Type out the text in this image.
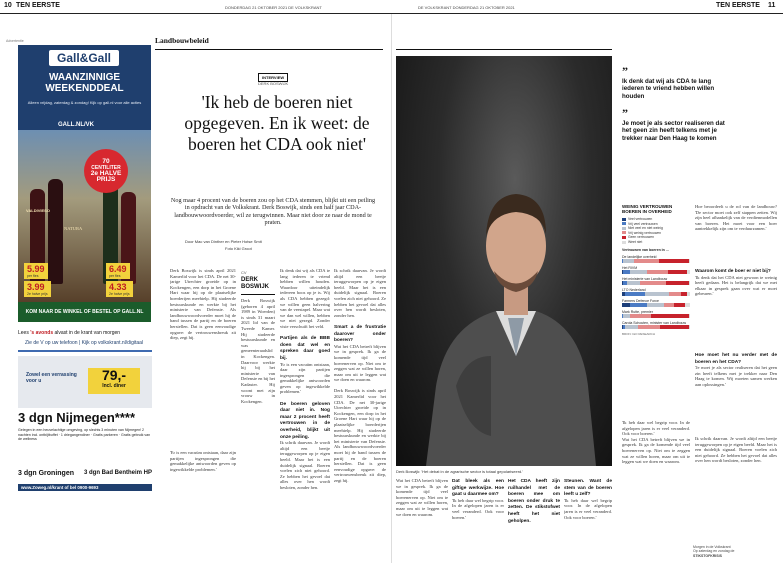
10 TEN EERSTE	DONDERDAG 21 OKTOBER 2021 DE VOLKSKRANT	DE VOLKSKRANT DONDERDAG 21 OKTOBER 2021	TEN EERSTE 11
Advertentie
Gall&Gall
WAANZINNIGE WEEKENDDEAL
Alleen vrijdag, zaterdag & zondag! Kijk op gall.nl voor alle acties
GALL.NL/VK
VALDIVIESO
NATURA
70
CENTILITER
2e HALVE
PRIJS
5.99
per fles
3.99
2e halve prijs
6.49
per fles
4.33
2e halve prijs
KOM NAAR DE WINKEL OF BESTEL OP GALL.NL
Lees 's avonds alvast in de krant van morgen
Zie de V op uw telefoon | Kijk op volkskrant.nl/digitaal
Zowel een verrassing voor u	79,-
Incl. diner
3 dgn Nijmegen****
Gelegen in een heuvelachtige omgeving, op slechts 3 minuten van Nijmegen! 2 nachten incl. ontbijtbuffet · 1 driegangendiner · Gratis parkeren · Gratis gebruik van de wellness
3 dgn Groningen 3 dgn Bad Bentheim HP
www.Zoweg.nl/krant of bel 0900-9693
Landbouwbeleid
INTERVIEW
DERK BOSWIJK
'Ik heb de boeren niet opgegeven. En ik weet: de boeren het CDA ook niet'
Nog maar 4 procent van de boeren zou op het CDA stemmen, blijkt uit een peiling in opdracht van de Volkskrant. Derk Boswijk, sinds een half jaar CDA-landbouwwoordvoerder, wil ze terugwinnen. Maar niet door ze naar de mond te praten.
Door Mac van Dinther en Pieter Hotse Smit
Foto Kiki Groot
Derk Boswijk is sinds april 2021 Kamerlid voor het CDA. De net 30-jarige Utrechter groeide op in Kockengen, een dorp in het Groene Hart waar hij op de plaatselijke boerderijen meehielp. Hij studeerde bestuurskunde en werkte bij het ministerie van Defensie. Als landbouwwoordvoerder moet hij de band tussen de partij en de boeren herstellen. Dat is geen eenvoudige opgave: de vertrouwensbreuk zit diep, zegt hij.
'Er is een vacuüm ontstaan, daar zijn partijen ingesprongen die gemakkelijke antwoorden geven op ingewikkelde problemen.'
CV
DERK BOSWIJK
Derk Boswijk (geboren 4 april 1989 in Woerden) is sinds 31 maart 2021 lid van de Tweede Kamer. Hij studeerde bestuurskunde en was gemeenteraadslid in Kockengen. Daarvoor werkte hij bij het ministerie van Defensie en bij het Kadaster. Hij woont met zijn vrouw in Kockengen.
Ik denk dat wij als CDA te lang iederen te vriend hebben willen houden. Waardoor uiteindelijk iedereen boos op je is. Wij als CDA hebben gezegd: we willen geen halvering van de veestapel. Maar wat we dan wel willen, hebben we niet gezegd. Zonder visie verschuift het veld.

Partijen als de BBB doen dat wel en spreken daar goed bij.
'Er is een vacuüm ontstaan, daar zijn partijen ingesprongen die gemakkelijke antwoorden geven op ingewikkelde problemen.'

De boeren geloven daar niet in. Nog maar 2 procent heeft vertrouwen in de overheid, blijkt uit onze peiling.
Ik schrik daarvan. Je wordt altijd een beetje teruggeworpen op je eigen beeld. Maar het is een duidelijk signaal. Boeren voelen zich niet gehoord. Ze hebben het gevoel dat alles over hen wordt besloten, zonder hen.
Ik schrik daarvan. Je wordt altijd een beetje teruggeworpen op je eigen beeld. Maar het is een duidelijk signaal. Boeren voelen zich niet gehoord. Ze hebben het gevoel dat alles over hen wordt besloten, zonder hen.

Smart a de frustratie daarover onder boeren?
Wat het CDA betreft blijven we in gesprek. Ik ga de komende tijd veel boerenerven op. Niet om te zeggen wat ze willen horen, maar om uit te leggen wat we doen en waarom.

Derk Boswijk is sinds april 2021 Kamerlid voor het CDA. De net 30-jarige Utrechter groeide op in Kockengen, een dorp in het Groene Hart waar hij op de plaatselijke boerderijen meehielp. Hij studeerde bestuurskunde en werkte bij het ministerie van Defensie. Als landbouwwoordvoerder moet hij de band tussen de partij en de boeren herstellen. Dat is geen eenvoudige opgave: de vertrouwensbreuk zit diep, zegt hij.
Derk Boswijk: 'Het debat in de agrarische sector is totaal gepolariseerd.'
Wat het CDA betreft blijven we in gesprek. Ik ga de komende tijd veel boerenerven op. Niet om te zeggen wat ze willen horen, maar om uit te leggen wat we doen en waarom.
Dat bleek als een giftige werkwijze. Hoe gaat u daarmee om?
'Ik heb daar wel begrip voor. In de afgelopen jaren is er veel veranderd. Ook voor boeren.'
Het CDA heeft zijn ruilhandel met de boeren mee om boeren onder druk te zetten. De stikstofwet heeft het niet geholpen.
Steunen. Want de stem van de boeren leeft u zelf?
'Ik heb daar wel begrip voor. In de afgelopen jaren is er veel veranderd. Ook voor boeren.'
”
Ik denk dat wij als CDA te lang iederen te vriend hebben willen houden
”
Je moet je als sector realiseren dat het geen zin heeft telkens met je trekker naar Den Haag te komen
WEINIG VERTROUWEN BOEREN IN OVERHEID
Veel vertrouwen
Vrij veel vertrouwen
Niet veel en niet weinig
Vrij weinig vertrouwen
Geen vertrouwen
Weet niet
Vertrouwen van boeren in ...
De landelijke overheid
Het RIVM
Het ministerie van Landbouw
LTO Nederland
Farmers Defence Force
Mark Rutte, premier
Carola Schouten, minister van Landbouw
BRON: I&O RESEARCH
Hoe beoordeelt u de rol van de landbouw? 'De sector moet ook zelf stappen zetten. Wij zijn heel afhankelijk van de verdienmodellen van boeren. Het moet voor een boer aantrekkelijk zijn om te verduurzamen.'
Waarom komt de boer er niet bij?
'Ik denk dat het CDA niet gewoon te weinig heeft gedaan. Het is belangrijk dat we met elkaar in gesprek gaan over wat er moet gebeuren.'
Hoe moet het nu verder met de boeren en het CDA?
'Je moet je als sector realiseren dat het geen zin heeft telkens met je trekker naar Den Haag te komen. Wij moeten samen werken aan oplossingen.'
'Ik heb daar wel begrip voor. In de afgelopen jaren is er veel veranderd. Ook voor boeren.'
Wat het CDA betreft blijven we in gesprek. Ik ga de komende tijd veel boerenerven op. Niet om te zeggen wat ze willen horen, maar om uit te leggen wat we doen en waarom.
Ik schrik daarvan. Je wordt altijd een beetje teruggeworpen op je eigen beeld. Maar het is een duidelijk signaal. Boeren voelen zich niet gehoord. Ze hebben het gevoel dat alles over hen wordt besloten, zonder hen.
Morgen in de Volkskrant
Op zaterdag en zondag de
STIKSTOFKRISIS
